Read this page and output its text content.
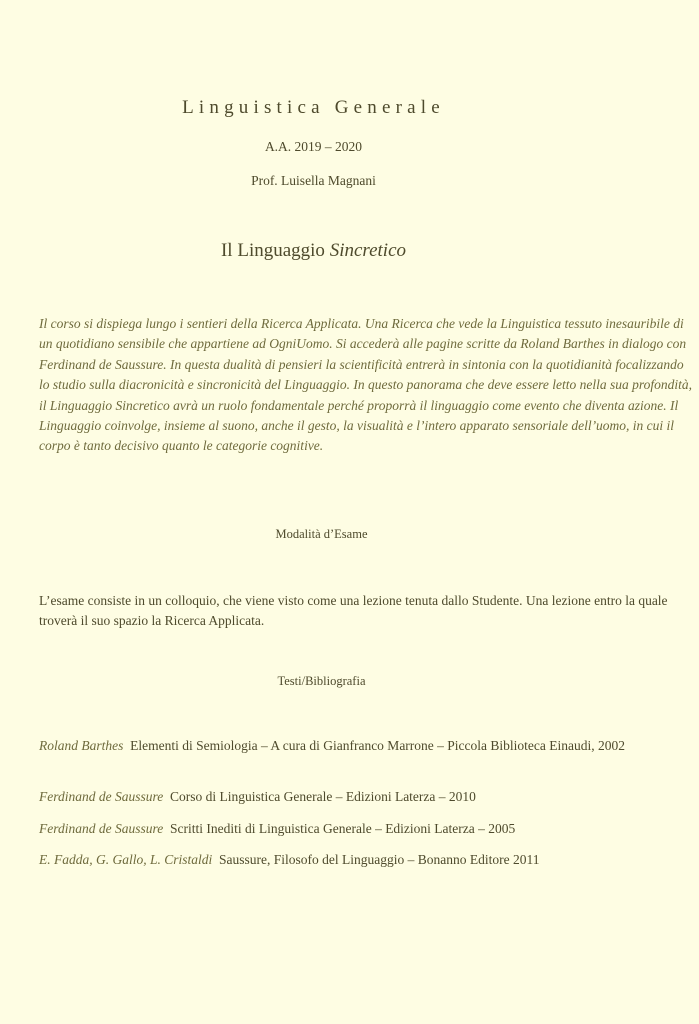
Linguistica Generale
A.A. 2019 – 2020
Prof. Luisella Magnani
Il Linguaggio Sincretico

Il corso si dispiega lungo i sentieri della Ricerca Applicata. Una Ricerca che vede la Linguistica tessuto inesauribile di un quotidiano sensibile che appartiene ad OgniUomo. Si accederà alle pagine scritte da Roland Barthes in dialogo con Ferdinand de Saussure. In questa dualità di pensieri la scientificità entrerà in sintonia con la quotidianità focalizzando lo studio sulla diacronicità e sincronicità del Linguaggio. In questo panorama che deve essere letto nella sua profondità, il Linguaggio Sincretico avrà un ruolo fondamentale perché proporrà il linguaggio come evento che diventa azione. Il Linguaggio coinvolge, insieme al suono, anche il gesto, la visualità e l’intero apparato sensoriale dell’uomo, in cui il corpo è tanto decisivo quanto le categorie cognitive.

Modalità d’Esame

L’esame consiste in un colloquio, che viene visto come una lezione tenuta dallo Studente. Una lezione entro la quale troverà il suo spazio la Ricerca Applicata.

Testi/Bibliografia
Roland Barthes Elementi di Semiologia – A cura di Gianfranco Marrone – Piccola Biblioteca Einaudi, 2002
Ferdinand de Saussure Corso di Linguistica Generale – Edizioni Laterza – 2010
Ferdinand de Saussure Scritti Inediti di Linguistica Generale – Edizioni Laterza – 2005
E. Fadda, G. Gallo, L. Cristaldi Saussure, Filosofo del Linguaggio – Bonanno Editore 2011
